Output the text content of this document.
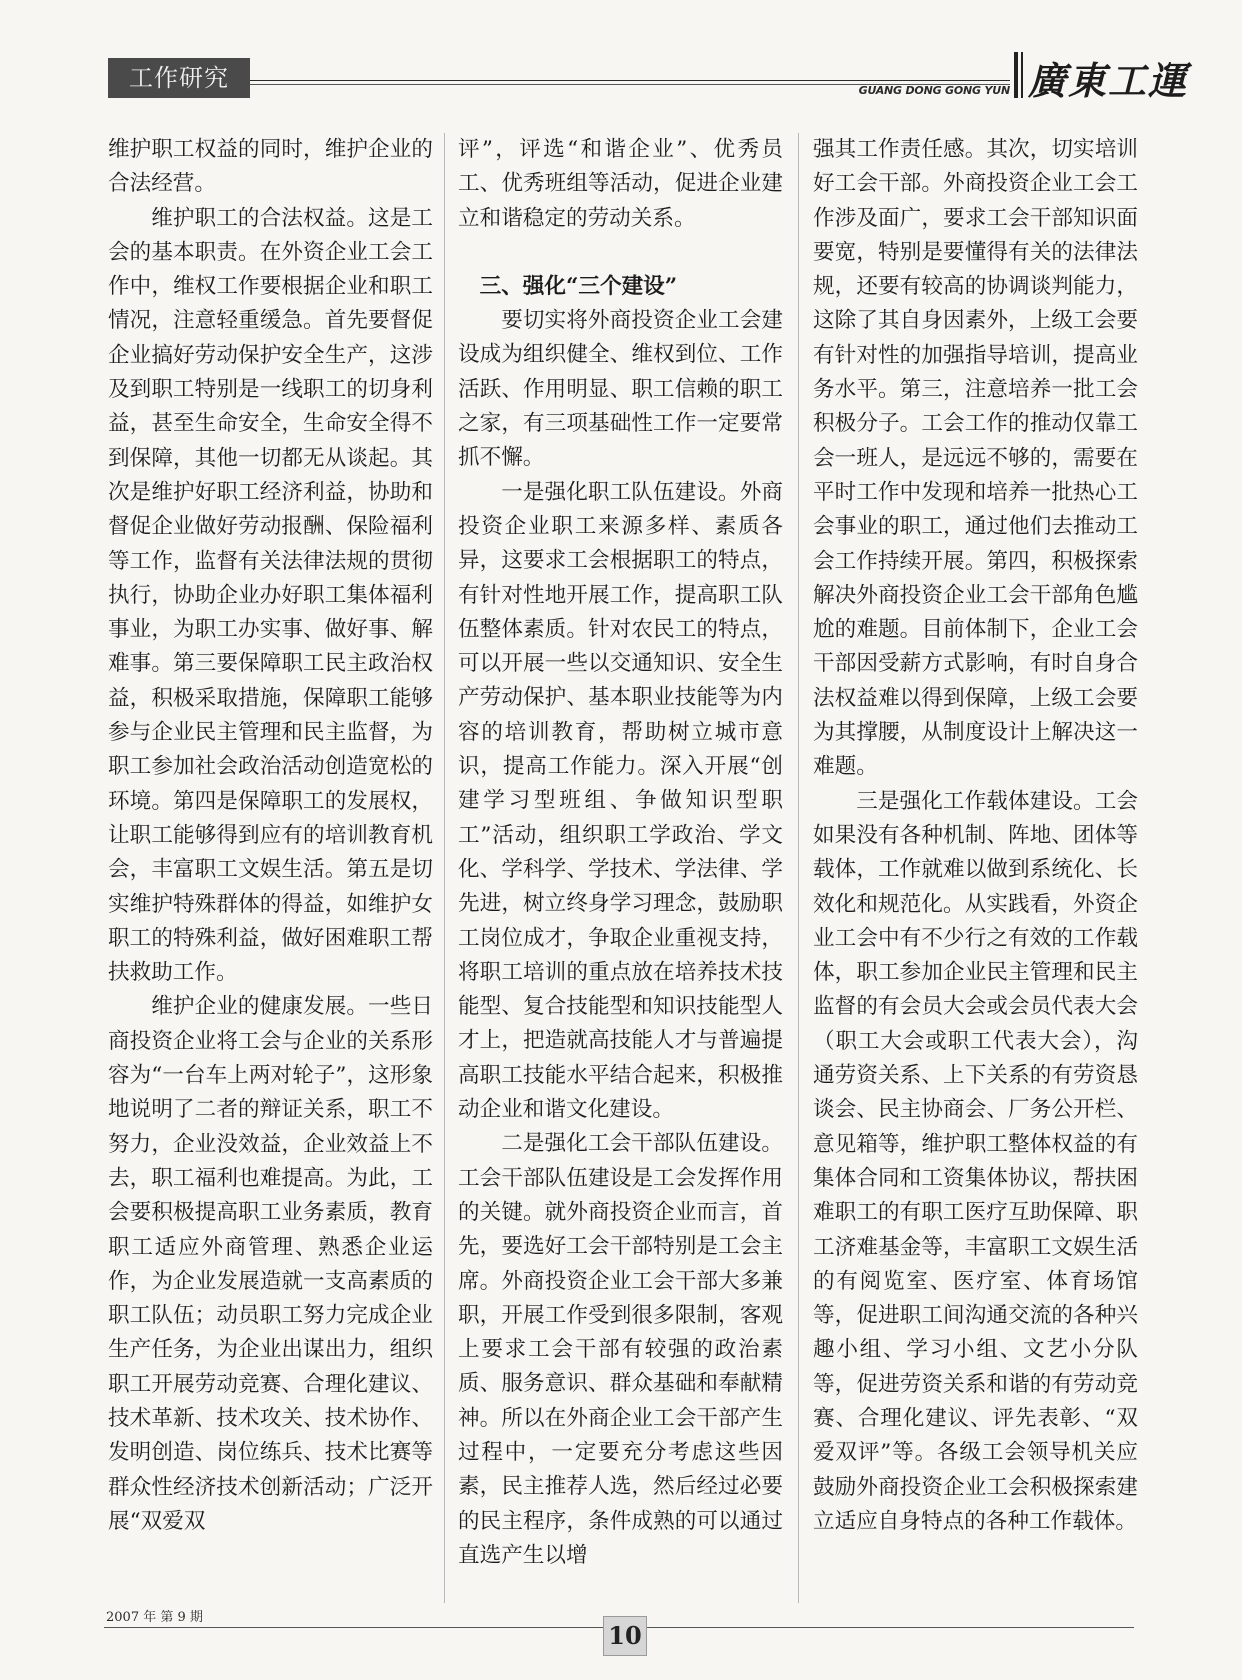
工作研究	GUANG DONG GONG YUN 廣東工運

维护职工权益的同时，维护企业的合法经营。

维护职工的合法权益。这是工会的基本职责。在外资企业工会工作中，维权工作要根据企业和职工情况，注意轻重缓急。首先要督促企业搞好劳动保护安全生产，这涉及到职工特别是一线职工的切身利益，甚至生命安全，生命安全得不到保障，其他一切都无从谈起。其次是维护好职工经济利益，协助和督促企业做好劳动报酬、保险福利等工作，监督有关法律法规的贯彻执行，协助企业办好职工集体福利事业，为职工办实事、做好事、解难事。第三要保障职工民主政治权益，积极采取措施，保障职工能够参与企业民主管理和民主监督，为职工参加社会政治活动创造宽松的环境。第四是保障职工的发展权，让职工能够得到应有的培训教育机会，丰富职工文娱生活。第五是切实维护特殊群体的得益，如维护女职工的特殊利益，做好困难职工帮扶救助工作。

维护企业的健康发展。一些日商投资企业将工会与企业的关系形容为“一台车上两对轮子”，这形象地说明了二者的辩证关系，职工不努力，企业没效益，企业效益上不去，职工福利也难提高。为此，工会要积极提高职工业务素质，教育职工适应外商管理、熟悉企业运作，为企业发展造就一支高素质的职工队伍；动员职工努力完成企业生产任务，为企业出谋出力，组织职工开展劳动竞赛、合理化建议、技术革新、技术攻关、技术协作、发明创造、岗位练兵、技术比赛等群众性经济技术创新活动；广泛开展“双爱双

评”，评选“和谐企业”、优秀员工、优秀班组等活动，促进企业建立和谐稳定的劳动关系。

三、强化“三个建设”

要切实将外商投资企业工会建设成为组织健全、维权到位、工作活跃、作用明显、职工信赖的职工之家，有三项基础性工作一定要常抓不懈。

一是强化职工队伍建设。外商投资企业职工来源多样、素质各异，这要求工会根据职工的特点，有针对性地开展工作，提高职工队伍整体素质。针对农民工的特点，可以开展一些以交通知识、安全生产劳动保护、基本职业技能等为内容的培训教育，帮助树立城市意识，提高工作能力。深入开展“创建学习型班组、争做知识型职工”活动，组织职工学政治、学文化、学科学、学技术、学法律、学先进，树立终身学习理念，鼓励职工岗位成才，争取企业重视支持，将职工培训的重点放在培养技术技能型、复合技能型和知识技能型人才上，把造就高技能人才与普遍提高职工技能水平结合起来，积极推动企业和谐文化建设。

二是强化工会干部队伍建设。工会干部队伍建设是工会发挥作用的关键。就外商投资企业而言，首先，要选好工会干部特别是工会主席。外商投资企业工会干部大多兼职，开展工作受到很多限制，客观上要求工会干部有较强的政治素质、服务意识、群众基础和奉献精神。所以在外商企业工会干部产生过程中，一定要充分考虑这些因素，民主推荐人选，然后经过必要的民主程序，条件成熟的可以通过直选产生以增

强其工作责任感。其次，切实培训好工会干部。外商投资企业工会工作涉及面广，要求工会干部知识面要宽，特别是要懂得有关的法律法规，还要有较高的协调谈判能力，这除了其自身因素外，上级工会要有针对性的加强指导培训，提高业务水平。第三，注意培养一批工会积极分子。工会工作的推动仅靠工会一班人，是远远不够的，需要在平时工作中发现和培养一批热心工会事业的职工，通过他们去推动工会工作持续开展。第四，积极探索解决外商投资企业工会干部角色尴尬的难题。目前体制下，企业工会干部因受薪方式影响，有时自身合法权益难以得到保障，上级工会要为其撑腰，从制度设计上解决这一难题。

三是强化工作载体建设。工会如果没有各种机制、阵地、团体等载体，工作就难以做到系统化、长效化和规范化。从实践看，外资企业工会中有不少行之有效的工作载体，职工参加企业民主管理和民主监督的有会员大会或会员代表大会（职工大会或职工代表大会），沟通劳资关系、上下关系的有劳资恳谈会、民主协商会、厂务公开栏、意见箱等，维护职工整体权益的有集体合同和工资集体协议，帮扶困难职工的有职工医疗互助保障、职工济难基金等，丰富职工文娱生活的有阅览室、医疗室、体育场馆等，促进职工间沟通交流的各种兴趣小组、学习小组、文艺小分队等，促进劳资关系和谐的有劳动竞赛、合理化建议、评先表彰、“双爱双评”等。各级工会领导机关应鼓励外商投资企业工会积极探索建立适应自身特点的各种工作载体。

2007 年 第 9 期
10
